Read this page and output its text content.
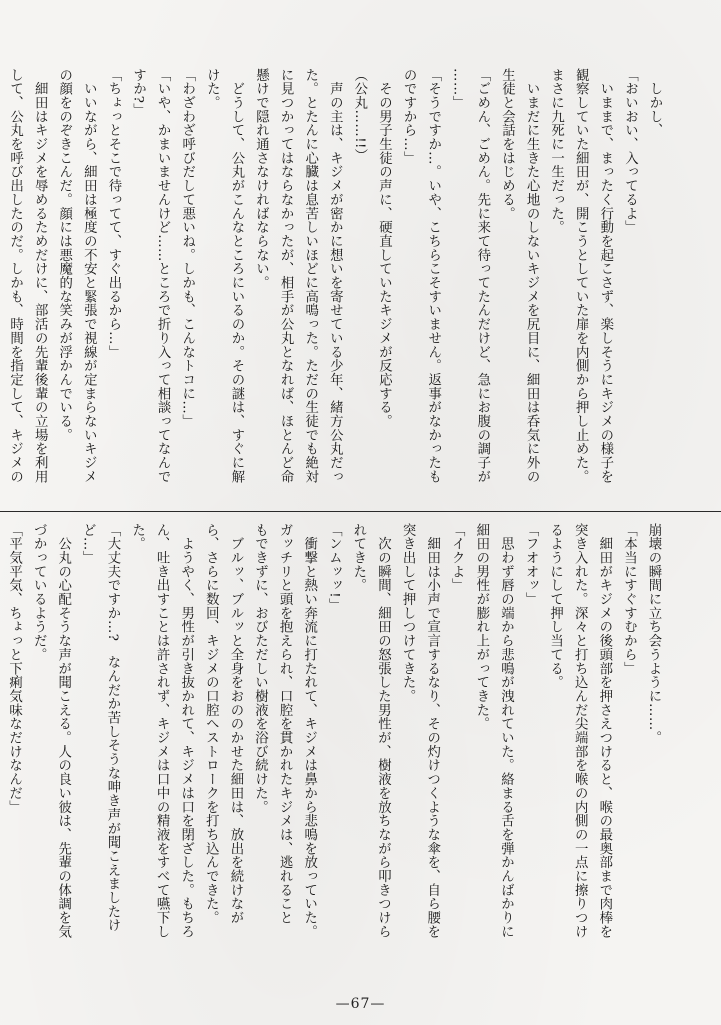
　しかし、

「おいおい、入ってるよ」

　いままで、まったく行動を起こさず、楽しそうにキジメの様子を

観察していた細田が、開こうとしていた扉を内側から押し止めた。

まさに九死に一生だった。

　いまだに生きた心地のしないキジメを尻目に、細田は呑気に外の

生徒と会話をはじめる。

「ごめん、ごめん。先に来て待ってたんだけど、急にお腹の調子が

……」

「そうですか…。いや、こちらこそすいません。返事がなかったも

のですから…」

　その男子生徒の声に、硬直していたキジメが反応する。

（公丸……!!）

　声の主は、キジメが密かに想いを寄せている少年、緒方公丸だっ

た。とたんに心臓は息苦しいほどに高鳴った。ただの生徒でも絶対

に見つかってはならなかったが、相手が公丸となれば、ほとんど命

懸けで隠れ通さなければならない。

　どうして、公丸がこんなところにいるのか。その謎は、すぐに解

けた。

「わざわざ呼びだして悪いね。しかも、こんなトコに…」

「いや、かまいませんけど……ところで折り入って相談ってなんで

すか?」

「ちょっとそこで待ってて、すぐ出るから…」

　いいながら、細田は極度の不安と緊張で視線が定まらないキジメ

の顔をのぞきこんだ。顔には悪魔的な笑みが浮かんでいる。

　細田はキジメを辱めるためだけに、部活の先輩後輩の立場を利用

して、公丸を呼び出したのだ。しかも、時間を指定して、キジメの

崩壊の瞬間に立ち会うように……。

「本当にすぐすむから」

　細田がキジメの後頭部を押さえつけると、喉の最奥部まで肉棒を

突き入れた。深々と打ち込んだ尖端部を喉の内側の一点に擦りつけ

るようにして押し当てる。

「フオオッ」

　思わず唇の端から悲鳴が洩れていた。絡まる舌を弾かんばかりに

細田の男性が膨れ上がってきた。

「イクよ」

　細田は小声で宣言するなり、その灼けつくような傘を、自ら腰を

突き出して押しつけてきた。

　次の瞬間、細田の怒張した男性が、樹液を放ちながら叩きつけら

れてきた。

「ンムッッ!」

　衝撃と熱い奔流に打たれて、キジメは鼻から悲鳴を放っていた。

ガッチリと頭を抱えられ、口腔を貫かれたキジメは、逃れること

もできずに、おびただしい樹液を浴び続けた。

　ブルッ、ブルッと全身をおののかせた細田は、放出を続けなが

ら、さらに数回、キジメの口腔へストロークを打ち込んできた。

　ようやく、男性が引き抜かれて、キジメは口を閉ざした。もちろ

ん、吐き出すことは許されず、キジメは口中の精液をすべて嚥下し

た。

「大丈夫ですか…?　なんだか苦しそうな呻き声が聞こえましたけ

ど…」

　公丸の心配そうな声が聞こえる。人の良い彼は、先輩の体調を気

づかっているようだ。

「平気平気、ちょっと下痢気味なだけなんだ」

—67—
